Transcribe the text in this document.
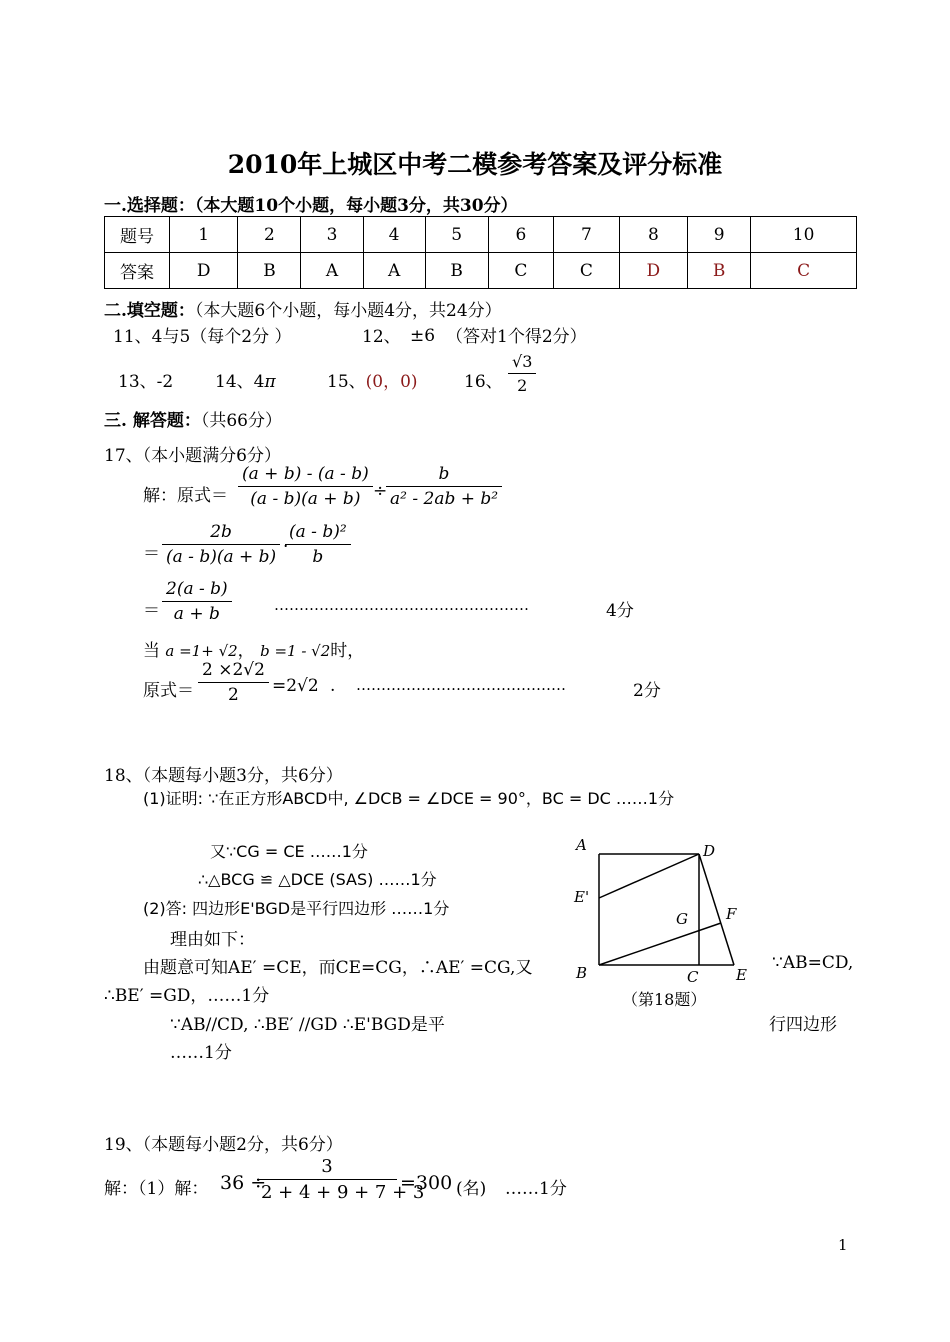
2010年上城区中考二模参考答案及评分标准
一.选择题：（本大题10个小题，每小题3分，共30分）
题号	1	2	3	4	5	6	7	8	9	10
答案	D	B	A	A	B	C	C	D	B	C
二.填空题：（本大题6个小题，每小题4分，共24分）
11、4与5（每个2分 ）	12、 ±6 （答对1个得2分）
13、-2 14、4π	15、(0，0)	16、 $\frac{√3}{2}$
三. 解答题：（共66分）
17、（本小题满分6分）
解：原式＝ $\frac{(a + b) - (a - b)}{(a - b)(a + b)}$ ÷
$\frac{b}{\text{a² - 2ab + b²}}$
＝ $\frac{2b}{(a - b)(a + b)}$ ·
$\frac{\text{(a - b)²}}{b}$
＝ $\frac{2(a - b)}{a + b}$	……………………………………………	4分
当 a =1+ √2， b =1 - √2时，
原式＝ $\frac{2 \times 2√2}{2} =2√2$ . ……………………………………	2分
18、（本题每小题3分，共6分）
(1)证明: ∵在正方形ABCD中, ∠DCB = ∠DCE = 90°，BC = DC ……1分
又∵CG = CE ……1分
∴△BCG ≌ △DCE (SAS) ……1分
(2)答: 四边形E'BGD是平行四边形 ……1分
理由如下：
由题意可知AE′ =CE，而CE=CG，∴AE′ =CG,又	∵AB=CD,
∴BE′ =GD，……1分
∵AB//CD, ∴BE′ //GD ∴E'BGD是平	行四边形
……1分
A	D
E'
G	F
B	C	E
（第18题）
19、（本题每小题2分，共6分）
解：（1）解： 36 ÷
$\frac{3}{2 + 4 + 9 + 7 + 3} =300$ (名) ……1分
1
